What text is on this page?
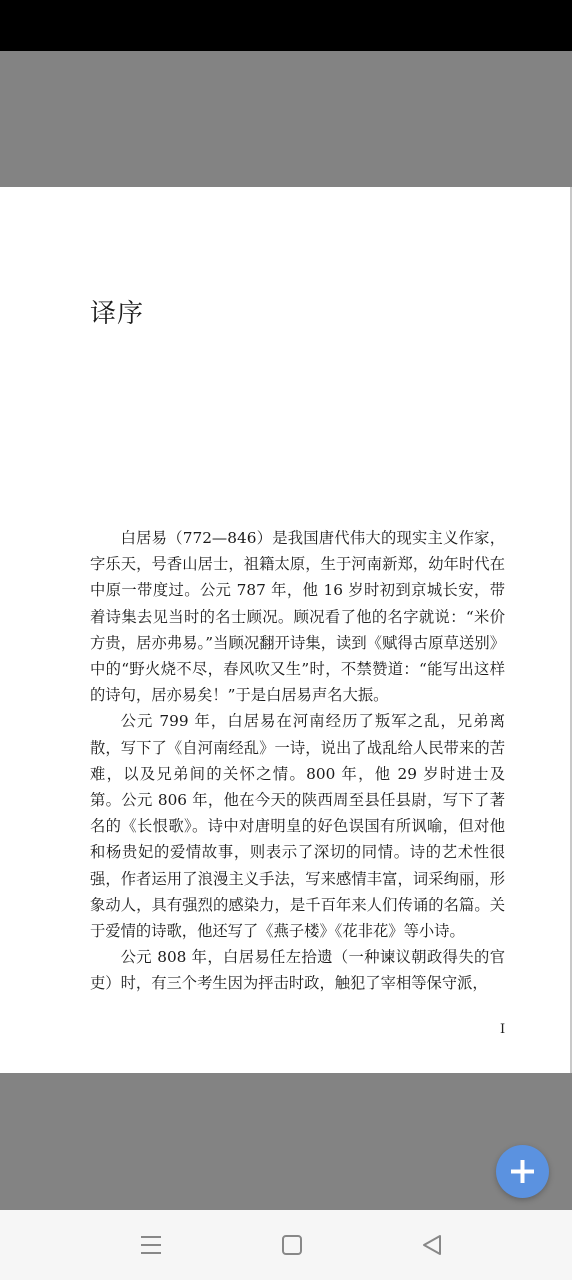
译序

白居易（772—846）是我国唐代伟大的现实主义作家，字乐天，号香山居士，祖籍太原，生于河南新郑，幼年时代在中原一带度过。公元 787 年，他 16 岁时初到京城长安，带着诗集去见当时的名士顾况。顾况看了他的名字就说：“米价方贵，居亦弗易。”当顾况翻开诗集，读到《赋得古原草送别》中的“野火烧不尽，春风吹又生”时，不禁赞道：“能写出这样的诗句，居亦易矣！”于是白居易声名大振。

公元 799 年，白居易在河南经历了叛军之乱，兄弟离散，写下了《自河南经乱》一诗，说出了战乱给人民带来的苦难，以及兄弟间的关怀之情。800 年，他 29 岁时进士及第。公元 806 年，他在今天的陕西周至县任县尉，写下了著名的《长恨歌》。诗中对唐明皇的好色误国有所讽喻，但对他和杨贵妃的爱情故事，则表示了深切的同情。诗的艺术性很强，作者运用了浪漫主义手法，写来感情丰富，词采绚丽，形象动人，具有强烈的感染力，是千百年来人们传诵的名篇。关于爱情的诗歌，他还写了《燕子楼》《花非花》等小诗。

公元 808 年，白居易任左拾遗（一种谏议朝政得失的官吏）时，有三个考生因为抨击时政，触犯了宰相等保守派，

I
